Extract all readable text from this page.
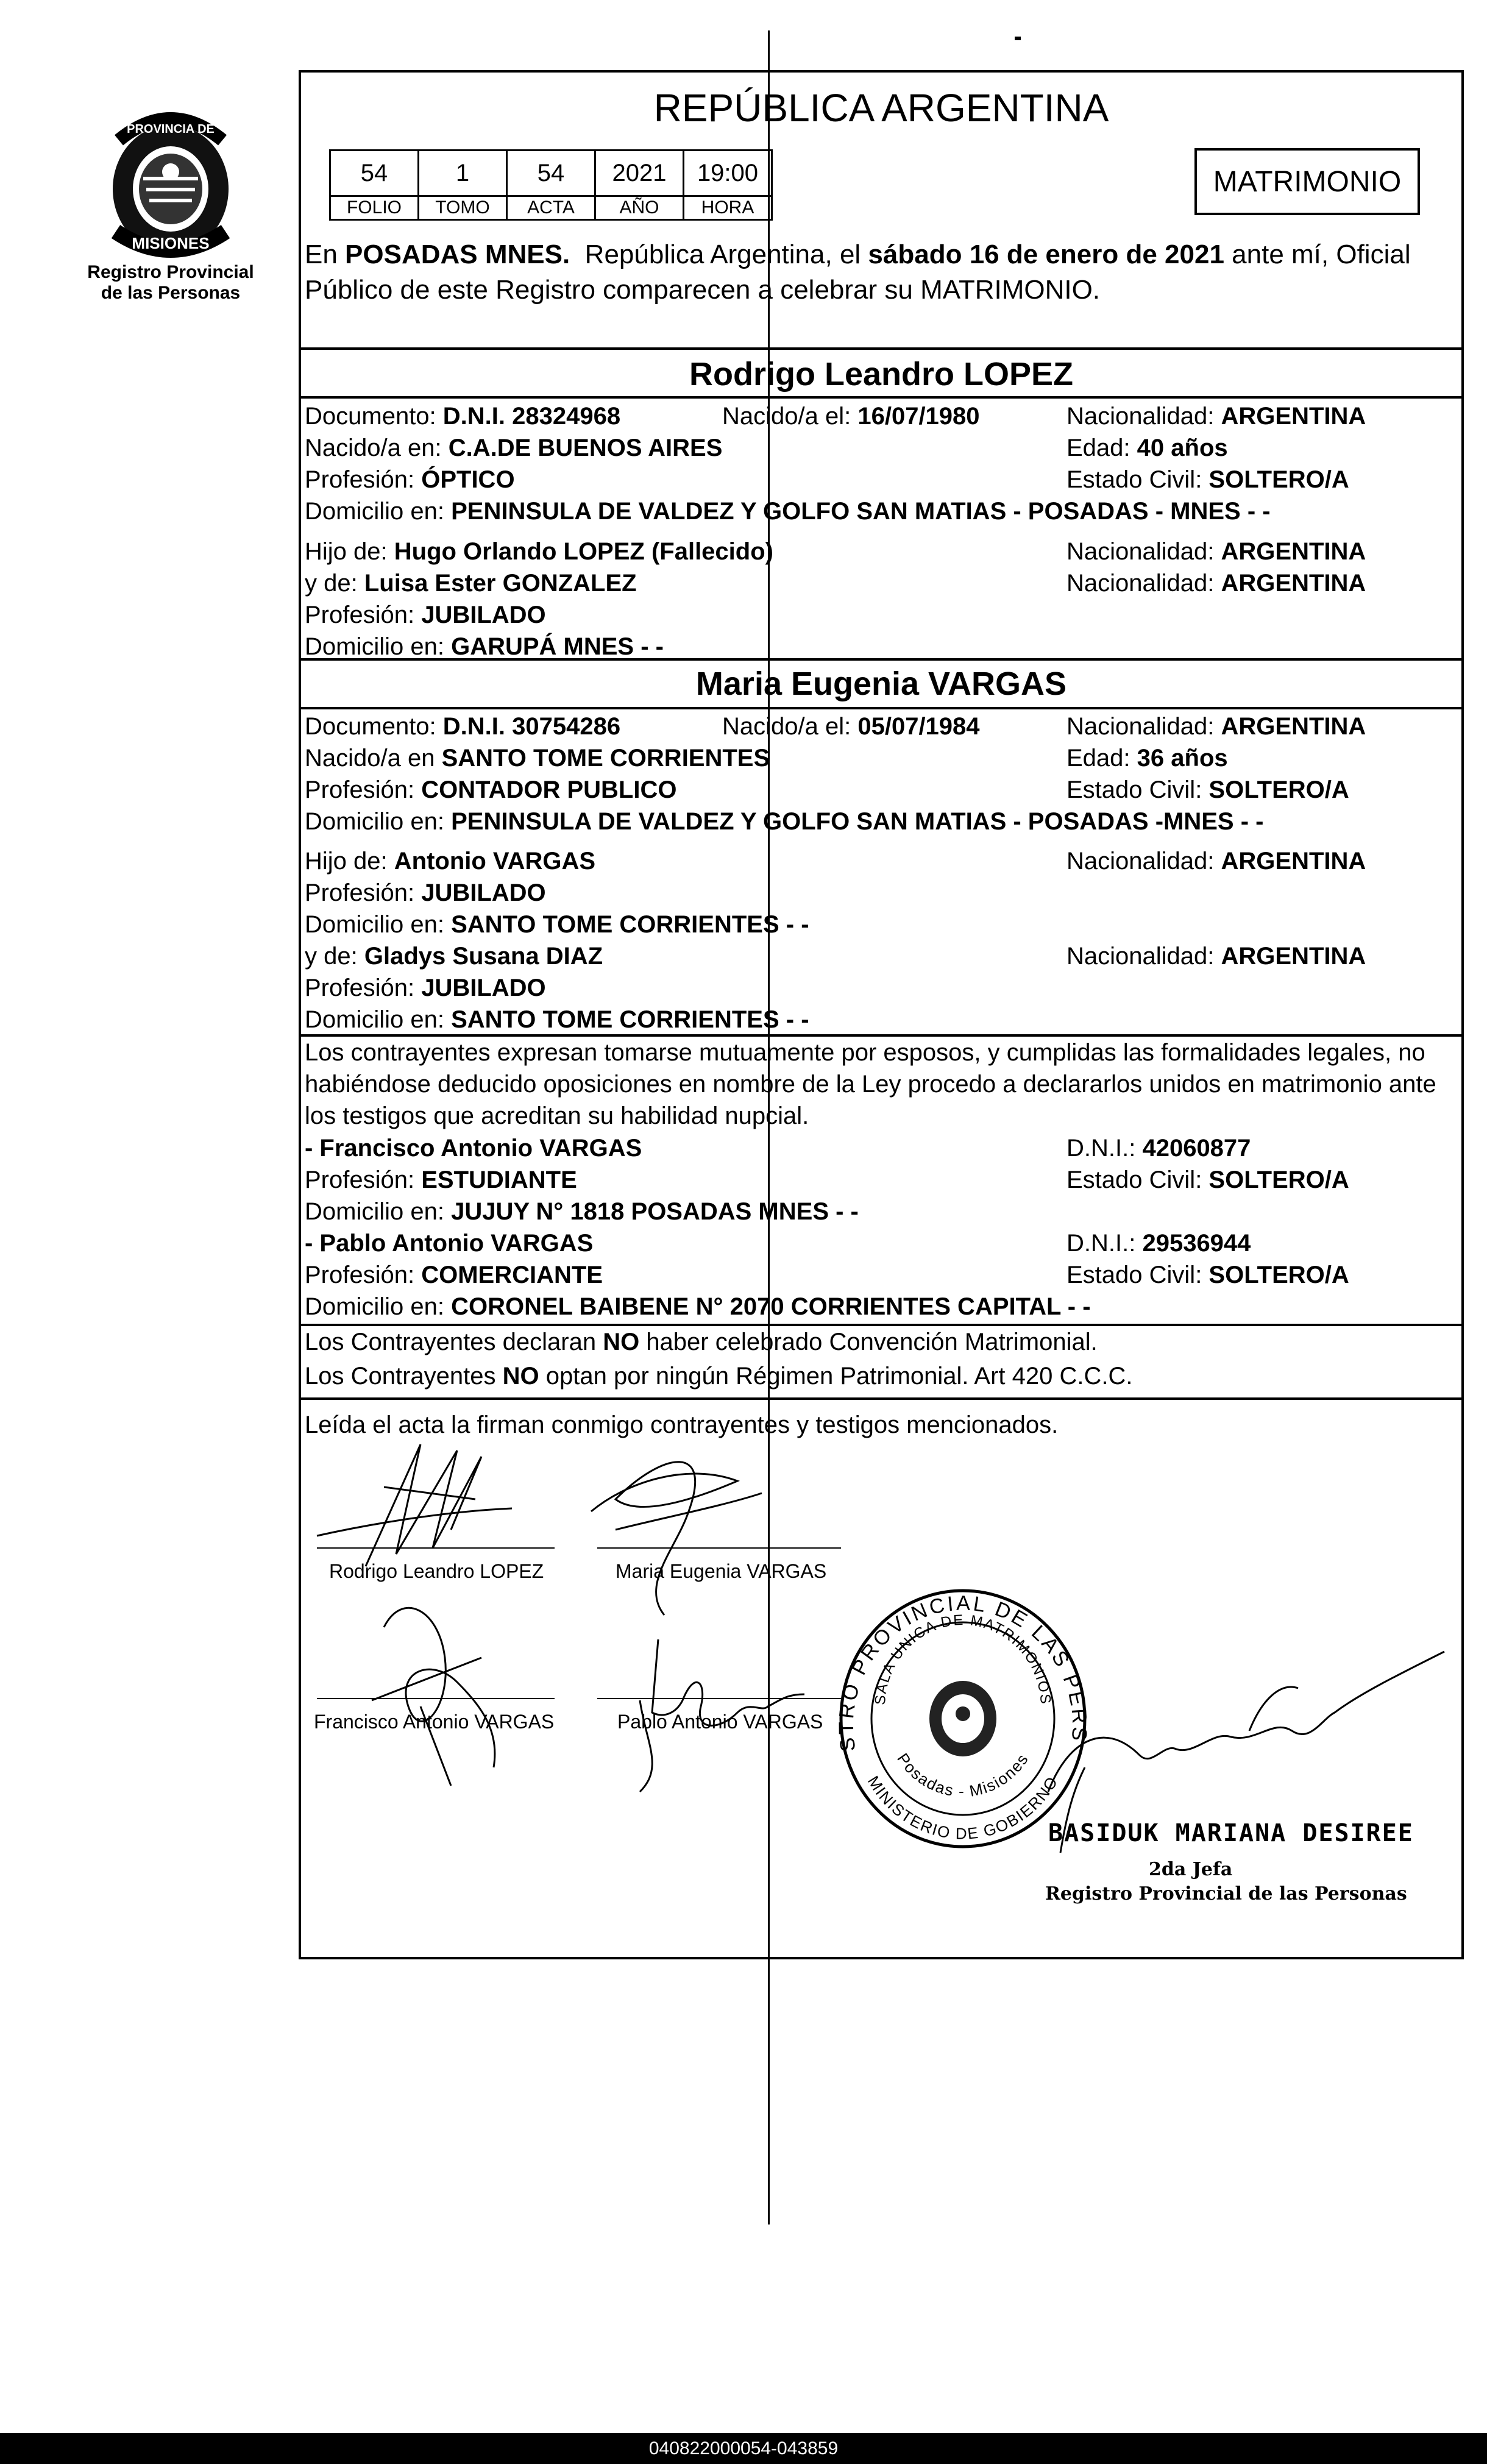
PROVINCIA DE
MISIONES
Registro Provincial
de las Personas
REPÚBLICA ARGENTINA
54	1	54	2021	19:00
FOLIO	TOMO	ACTA	AÑO	HORA
MATRIMONIO
En POSADAS MNES.  República Argentina, el sábado 16 de enero de 2021 ante mí, Oficial
Público de este Registro comparecen a celebrar su MATRIMONIO.
Rodrigo Leandro LOPEZ
Documento: D.N.I. 28324968	Nacido/a el: 16/07/1980	Nacionalidad: ARGENTINA
Nacido/a en: C.A.DE BUENOS AIRES	Edad: 40 años
Profesión: ÓPTICO	Estado Civil: SOLTERO/A
Domicilio en: PENINSULA DE VALDEZ Y GOLFO SAN MATIAS - POSADAS - MNES - -
Hijo de: Hugo Orlando LOPEZ (Fallecido)	Nacionalidad: ARGENTINA
y de: Luisa Ester GONZALEZ	Nacionalidad: ARGENTINA
Profesión: JUBILADO
Domicilio en: GARUPÁ MNES - -
Maria Eugenia VARGAS
Documento: D.N.I. 30754286	Nacido/a el: 05/07/1984	Nacionalidad: ARGENTINA
Nacido/a en SANTO TOME CORRIENTES	Edad: 36 años
Profesión: CONTADOR PUBLICO	Estado Civil: SOLTERO/A
Domicilio en: PENINSULA DE VALDEZ Y GOLFO SAN MATIAS - POSADAS -MNES - -
Hijo de: Antonio VARGAS	Nacionalidad: ARGENTINA
Profesión: JUBILADO
Domicilio en: SANTO TOME CORRIENTES - -
y de: Gladys Susana DIAZ	Nacionalidad: ARGENTINA
Profesión: JUBILADO
Domicilio en: SANTO TOME CORRIENTES - -
Los contrayentes expresan tomarse mutuamente por esposos, y cumplidas las formalidades legales, no
habiéndose deducido oposiciones en nombre de la Ley procedo a declararlos unidos en matrimonio ante
los testigos que acreditan su habilidad nupcial.
- Francisco Antonio VARGAS	D.N.I.: 42060877
Profesión: ESTUDIANTE	Estado Civil: SOLTERO/A
Domicilio en: JUJUY N° 1818 POSADAS MNES - -
- Pablo Antonio VARGAS	D.N.I.: 29536944
Profesión: COMERCIANTE	Estado Civil: SOLTERO/A
Domicilio en: CORONEL BAIBENE N° 2070 CORRIENTES CAPITAL - -
Los Contrayentes declaran NO haber celebrado Convención Matrimonial.
Los Contrayentes NO optan por ningún Régimen Patrimonial. Art 420 C.C.C.
Leída el acta la firman conmigo contrayentes y testigos mencionados.
STRO PROVINCIAL DE LAS PERS
SALA UNICA DE MATRIMONIOS
MINISTERIO DE GOBIERNO
Posadas - Misiones
Rodrigo Leandro LOPEZ	Maria Eugenia VARGAS
Francisco Antonio VARGAS	Pablo Antonio VARGAS
BASIDUK MARIANA DESIREE
2da Jefa
Registro Provincial de las Personas
040822000054-043859
